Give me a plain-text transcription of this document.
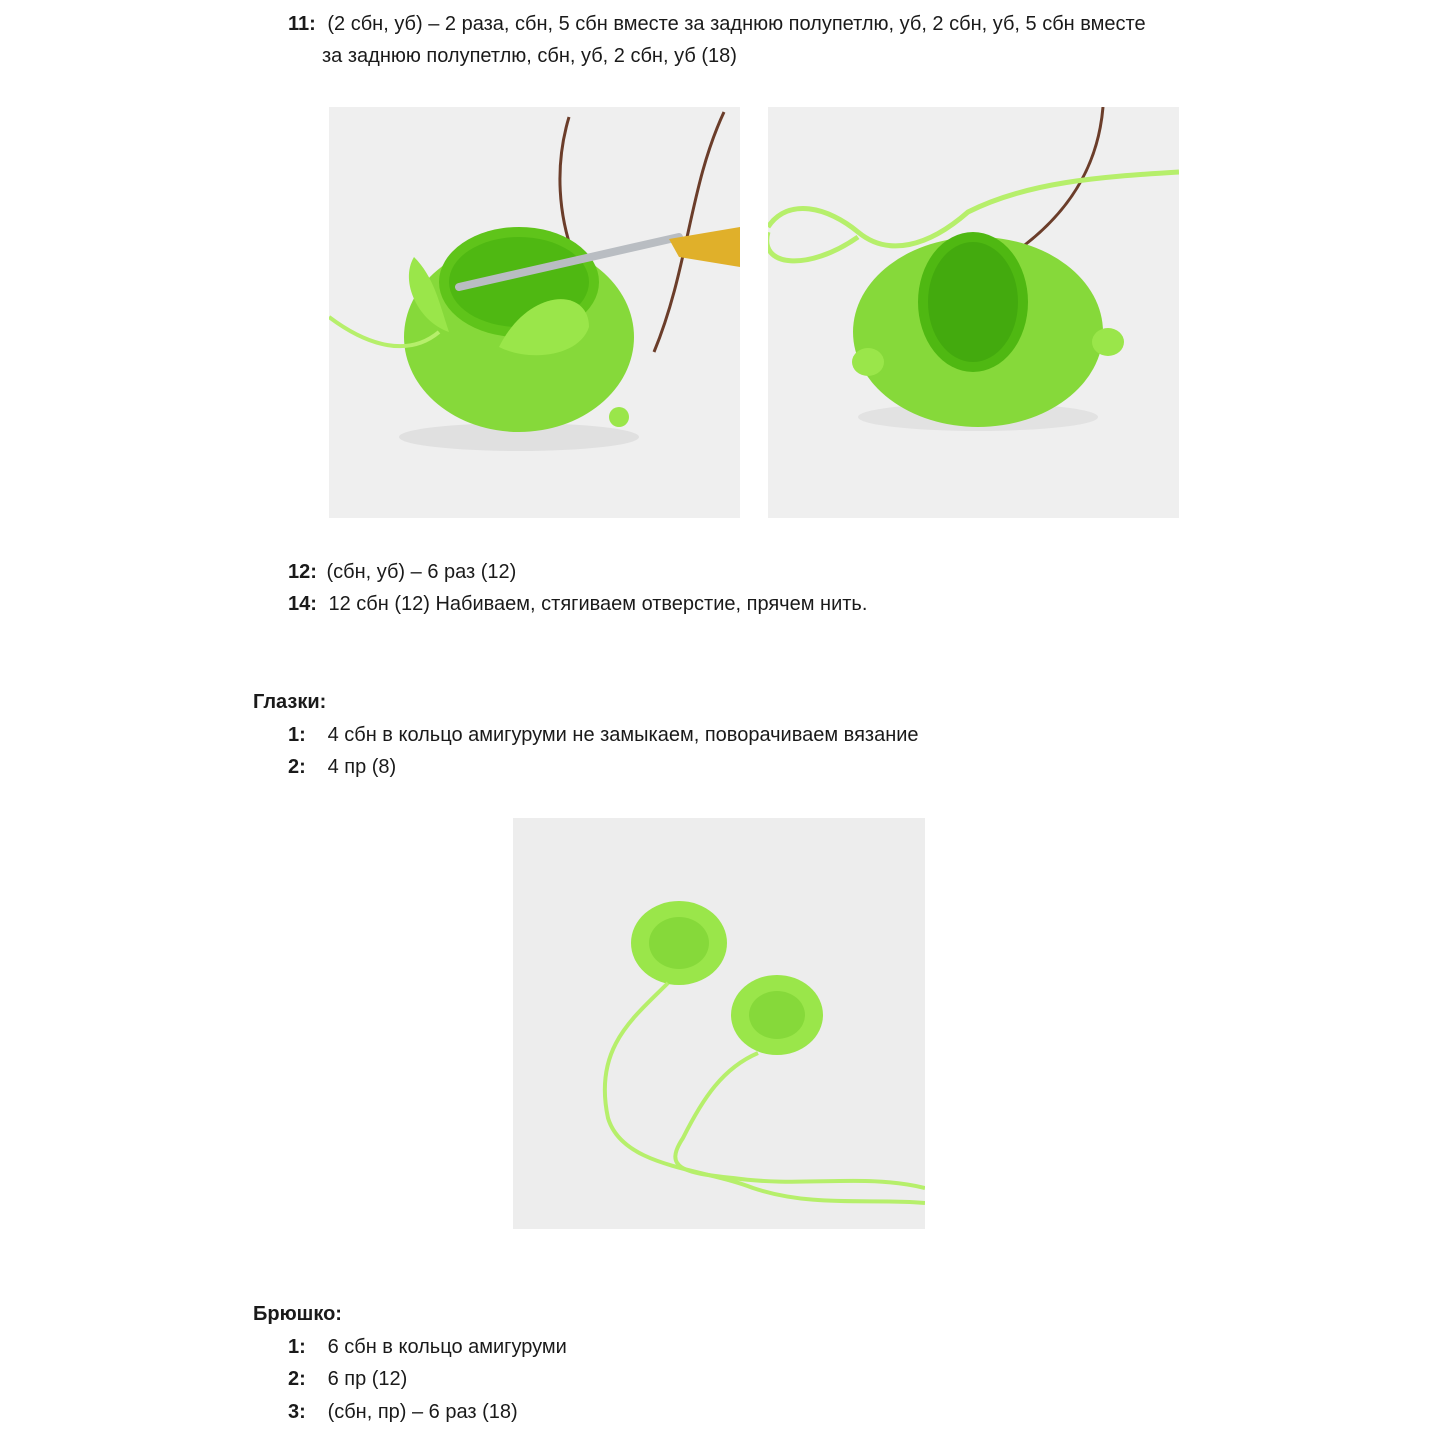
11: (2 сбн, уб) – 2 раза, сбн, 5 сбн вместе за заднюю полупетлю, уб, 2 сбн, уб, 5 сбн вместе
за заднюю полупетлю, сбн, уб, 2 сбн, уб (18)
12: (сбн, уб) – 6 раз (12)
14: 12 сбн (12) Набиваем, стягиваем отверстие, прячем нить.
Глазки:
1: 4 сбн в кольцо амигуруми не замыкаем, поворачиваем вязание
2: 4 пр (8)
Брюшко:
1: 6 сбн в кольцо амигуруми
2: 6 пр (12)
3: (сбн, пр) – 6 раз (18)
